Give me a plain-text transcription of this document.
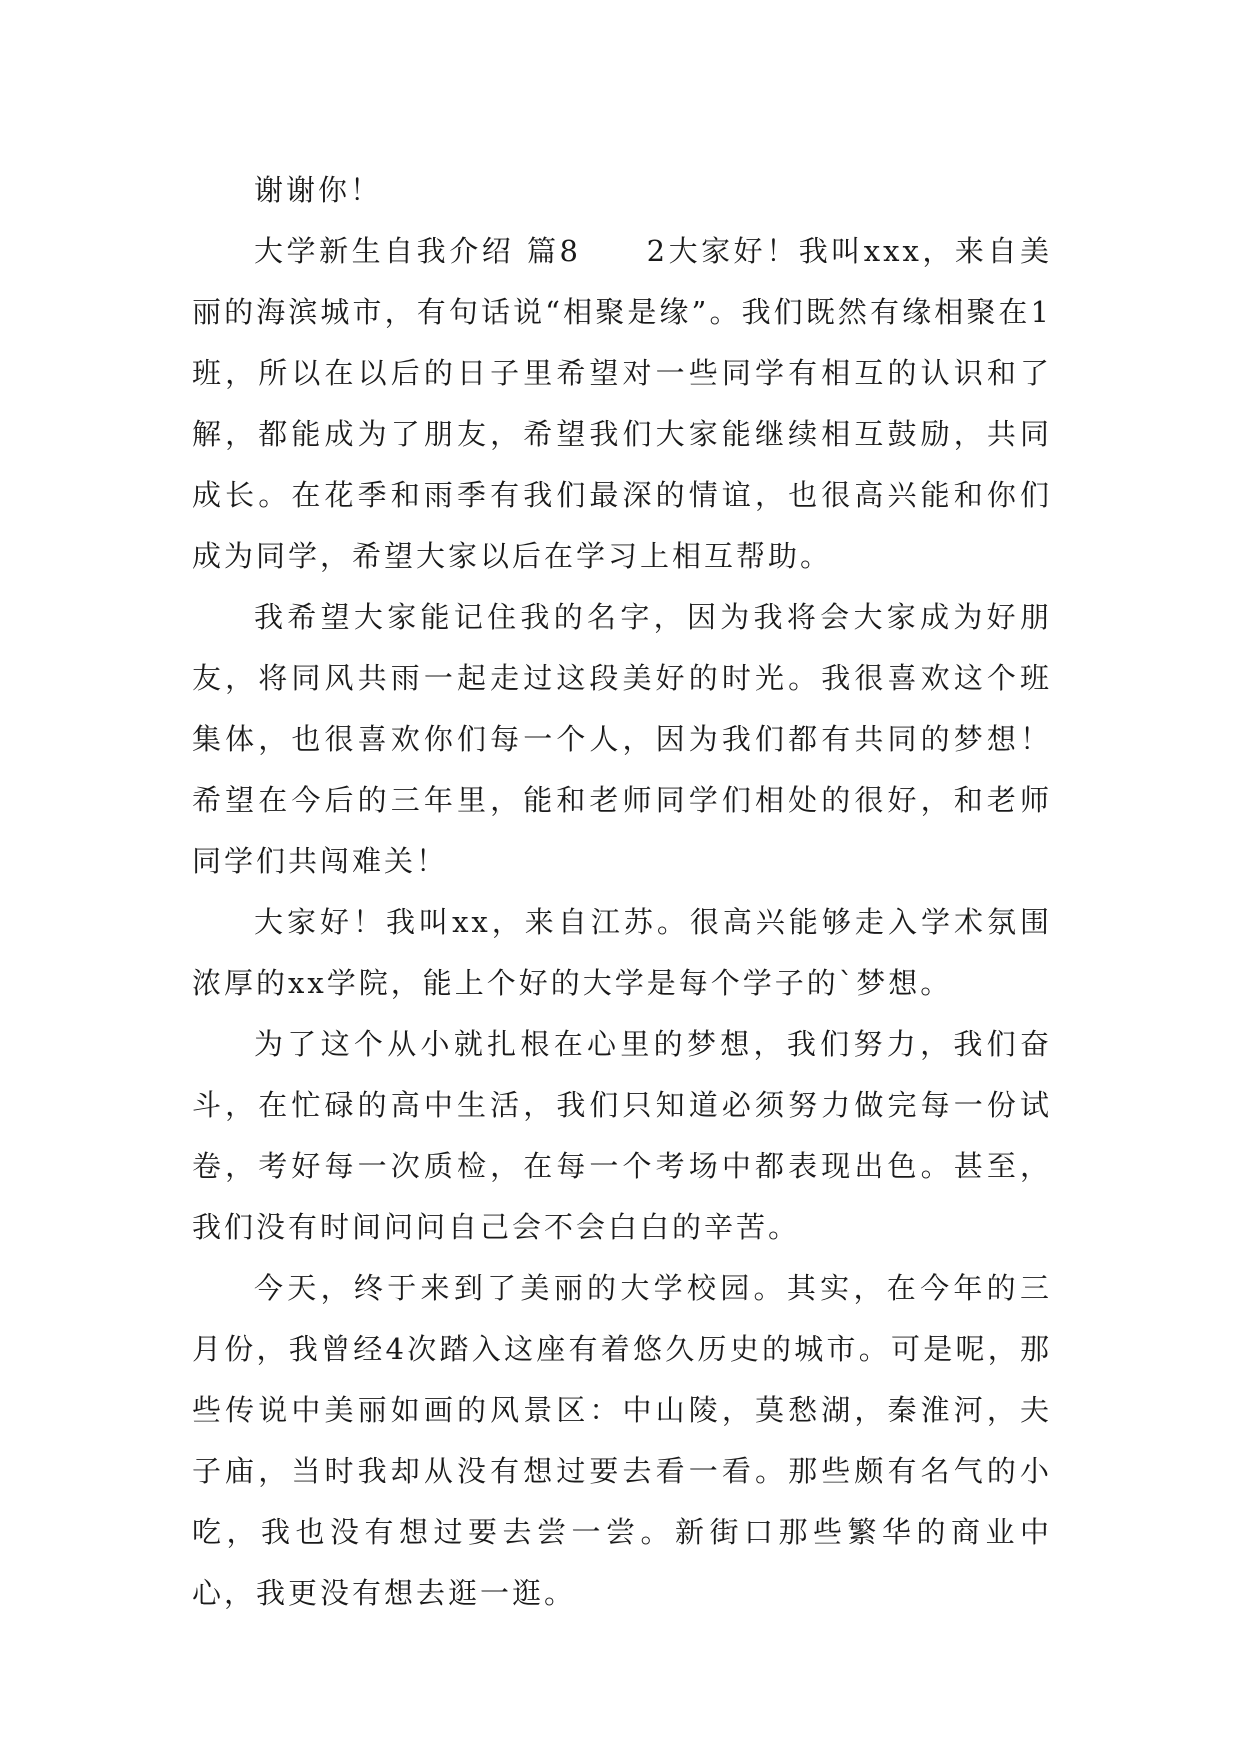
谢谢你！

大学新生自我介绍 篇8　　2大家好！我叫xxx，来自美丽的海滨城市，有句话说“相聚是缘”。我们既然有缘相聚在1班，所以在以后的日子里希望对一些同学有相互的认识和了解，都能成为了朋友，希望我们大家能继续相互鼓励，共同成长。在花季和雨季有我们最深的情谊，也很高兴能和你们成为同学，希望大家以后在学习上相互帮助。

我希望大家能记住我的名字，因为我将会大家成为好朋友，将同风共雨一起走过这段美好的时光。我很喜欢这个班集体，也很喜欢你们每一个人，因为我们都有共同的梦想！希望在今后的三年里，能和老师同学们相处的很好，和老师同学们共闯难关！

大家好！我叫xx，来自江苏。很高兴能够走入学术氛围浓厚的xx学院，能上个好的大学是每个学子的`梦想。

为了这个从小就扎根在心里的梦想，我们努力，我们奋斗，在忙碌的高中生活，我们只知道必须努力做完每一份试卷，考好每一次质检，在每一个考场中都表现出色。甚至，我们没有时间问问自己会不会白白的辛苦。

今天，终于来到了美丽的大学校园。其实，在今年的三月份，我曾经4次踏入这座有着悠久历史的城市。可是呢，那些传说中美丽如画的风景区：中山陵，莫愁湖，秦淮河，夫子庙，当时我却从没有想过要去看一看。那些颇有名气的小吃，我也没有想过要去尝一尝。新街口那些繁华的商业中心，我更没有想去逛一逛。
